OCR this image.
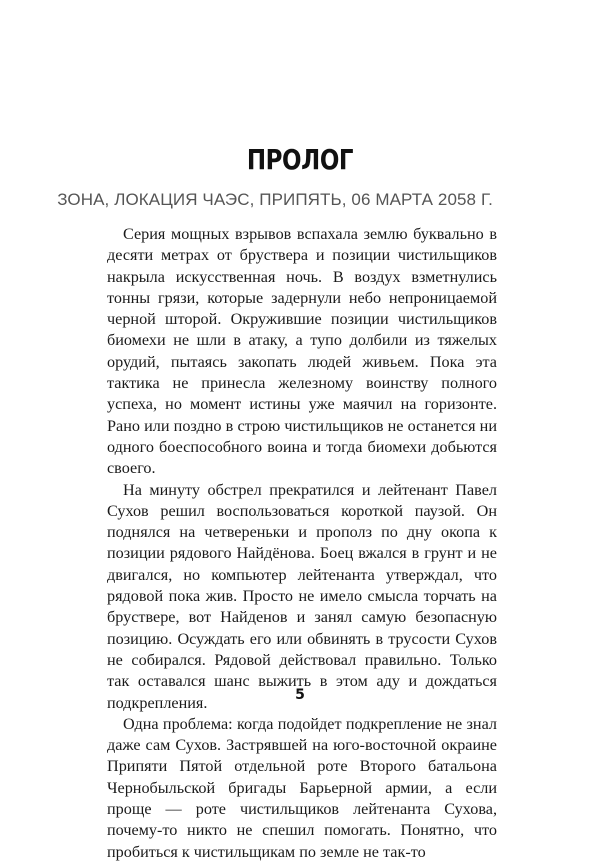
ПРОЛОГ
ЗОНА, ЛОКАЦИЯ ЧАЭС, ПРИПЯТЬ, 06 МАРТА 2058 Г.

Серия мощных взрывов вспахала землю буквально в десяти метрах от бруствера и позиции чистильщиков накрыла искусственная ночь. В воздух взметнулись тонны грязи, которые задернули небо непроницаемой черной шторой. Окружившие позиции чистильщиков биомехи не шли в атаку, а тупо долбили из тяжелых орудий, пытаясь закопать людей живьем. Пока эта тактика не принесла железному воинству полного успеха, но момент истины уже маячил на горизонте. Рано или поздно в строю чистильщиков не останется ни одного боеспособного воина и тогда биомехи добьются своего.

На минуту обстрел прекратился и лейтенант Павел Сухов решил воспользоваться короткой паузой. Он поднялся на четвереньки и прополз по дну окопа к позиции рядового Найдёнова. Боец вжался в грунт и не двигался, но компьютер лейтенанта утверждал, что рядовой пока жив. Просто не имело смысла торчать на бруствере, вот Найденов и занял самую безопасную позицию. Осуждать его или обвинять в трусости Сухов не собирался. Рядовой действовал правильно. Только так оставался шанс выжить в этом аду и дождаться подкрепления.

Одна проблема: когда подойдет подкрепление не знал даже сам Сухов. Застрявшей на юго-восточной окраине Припяти Пятой отдельной роте Второго батальона Чернобыльской бригады Барьерной армии, а если проще — роте чистильщиков лейтенанта Сухова, почему-то никто не спешил помогать. Понятно, что пробиться к чистильщикам по земле не так-то

5
